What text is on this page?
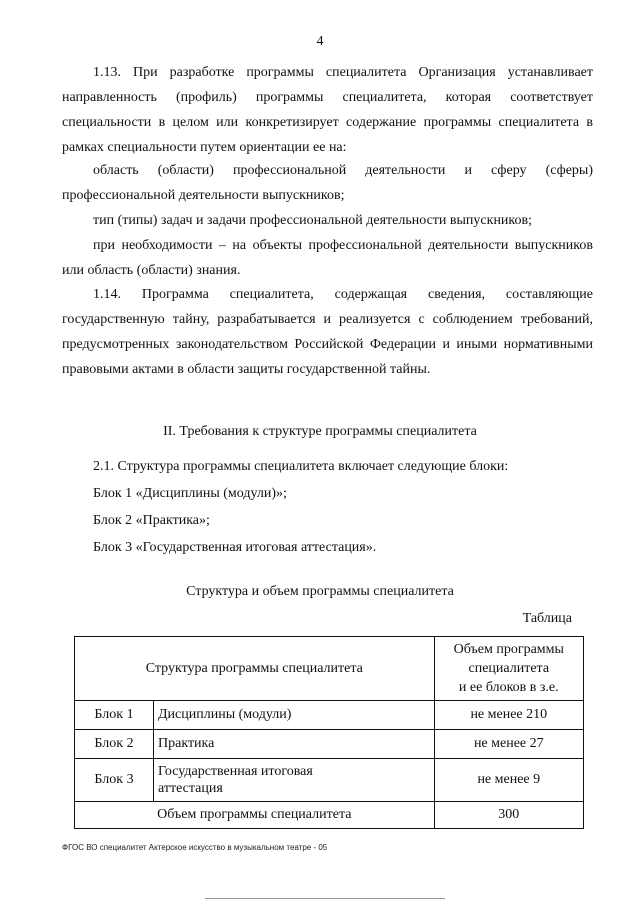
4

1.13. При разработке программы специалитета Организация устанавливает направленность (профиль) программы специалитета, которая соответствует специальности в целом или конкретизирует содержание программы специалитета в рамках специальности путем ориентации ее на:

область (области) профессиональной деятельности и сферу (сферы) профессиональной деятельности выпускников;

тип (типы) задач и задачи профессиональной деятельности выпускников;

при необходимости – на объекты профессиональной деятельности выпускников или область (области) знания.

1.14. Программа специалитета, содержащая сведения, составляющие государственную тайну, разрабатывается и реализуется с соблюдением требований, предусмотренных законодательством Российской Федерации и иными нормативными правовыми актами в области защиты государственной тайны.

II. Требования к структуре программы специалитета
2.1. Структура программы специалитета включает следующие блоки:
Блок 1 «Дисциплины (модули)»;
Блок 2 «Практика»;
Блок 3 «Государственная итоговая аттестация».
Структура и объем программы специалитета
Таблица
Структура программы специалитета		Объем программы
специалитета
и ее блоков в з.е.

Блок 1	Дисциплины (модули)	не менее 210
Блок 2	Практика	не менее 27
Блок 3	Государственная итоговая
аттестация	не менее 9
Объем программы специалитета		300
ФГОС ВО специалитет Актерское искусство в музыкальном театре - 05
